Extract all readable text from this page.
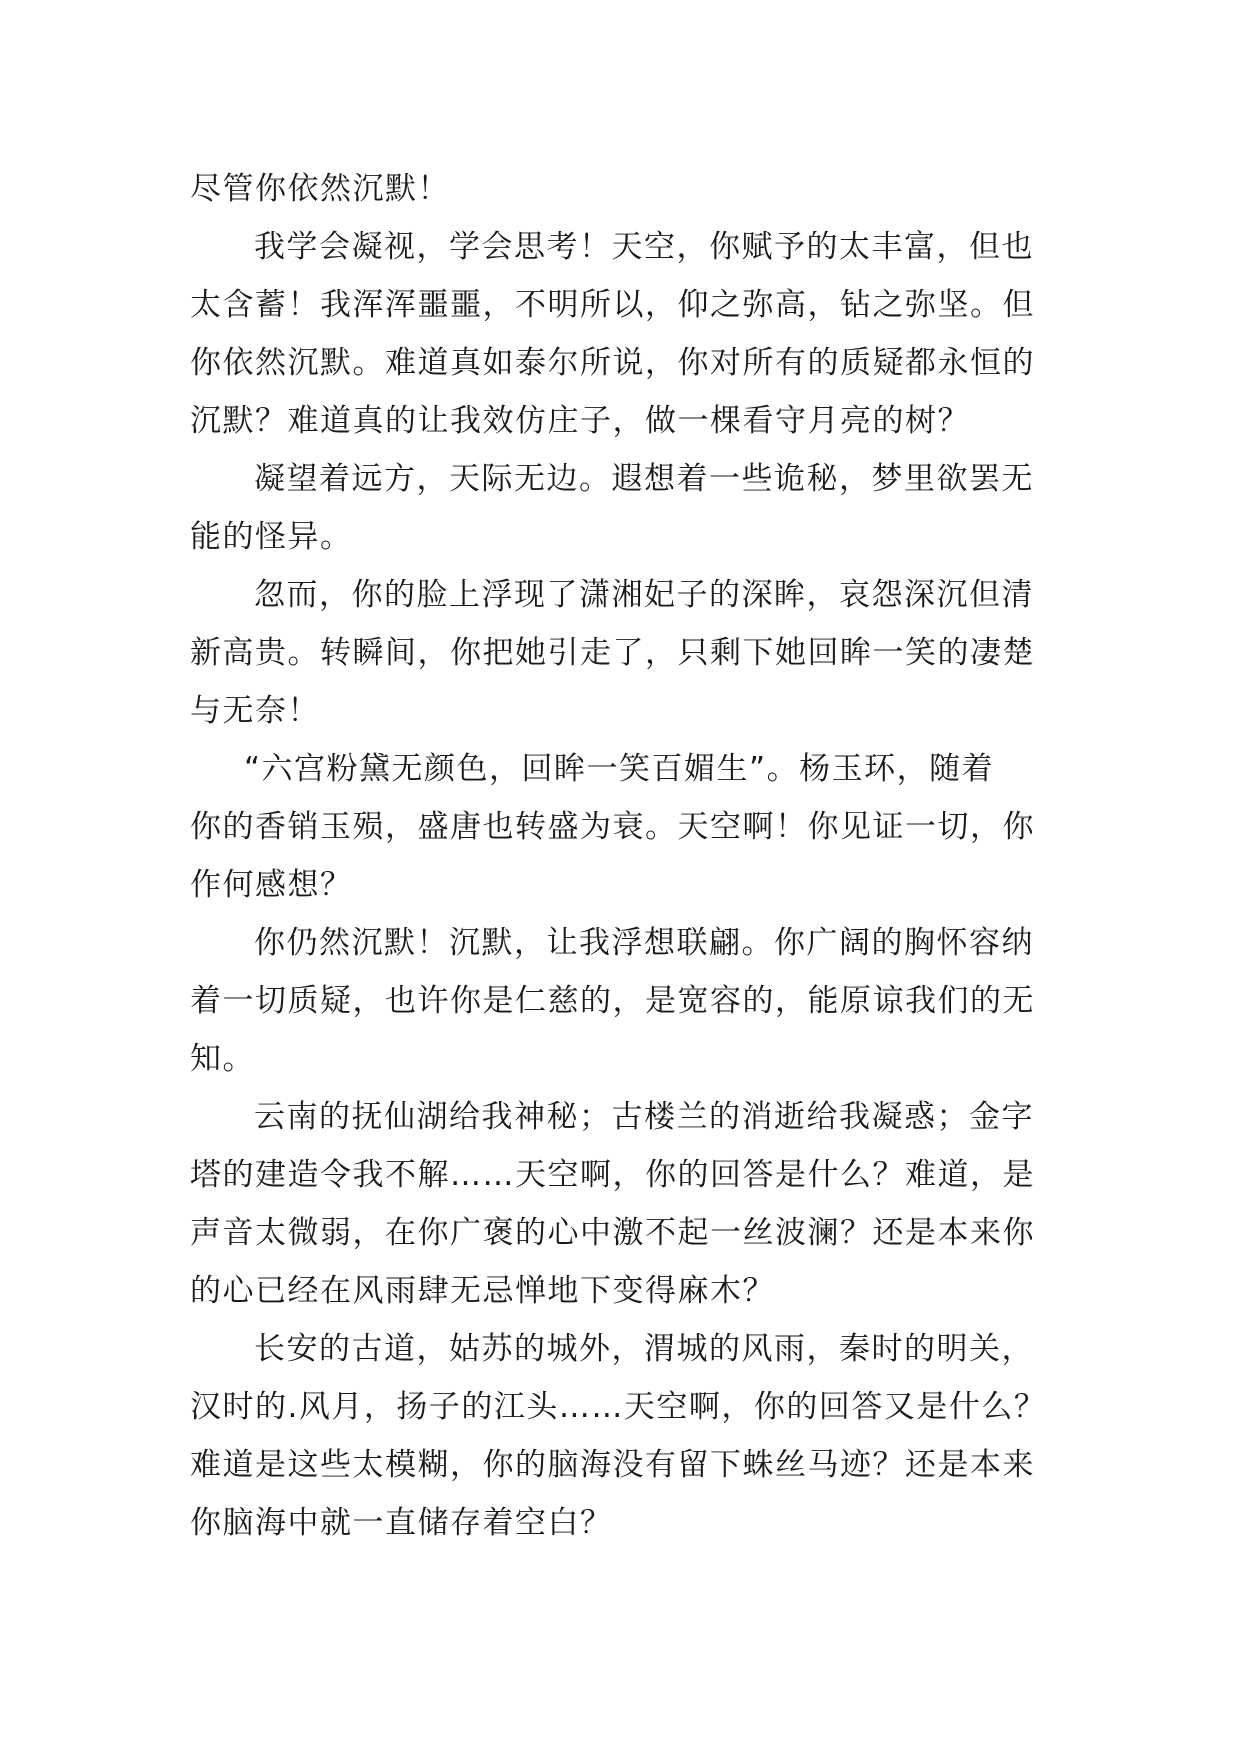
尽管你依然沉默！
我学会凝视，学会思考！天空，你赋予的太丰富，但也
太含蓄！我浑浑噩噩，不明所以，仰之弥高，钻之弥坚。但
你依然沉默。难道真如泰尔所说，你对所有的质疑都永恒的
沉默？难道真的让我效仿庄子，做一棵看守月亮的树？
凝望着远方，天际无边。遐想着一些诡秘，梦里欲罢无
能的怪异。
忽而，你的脸上浮现了潇湘妃子的深眸，哀怨深沉但清
新高贵。转瞬间，你把她引走了，只剩下她回眸一笑的凄楚
与无奈！
“六宫粉黛无颜色，回眸一笑百媚生”。杨玉环，随着
你的香销玉殒，盛唐也转盛为衰。天空啊！你见证一切，你
作何感想？
你仍然沉默！沉默，让我浮想联翩。你广阔的胸怀容纳
着一切质疑，也许你是仁慈的，是宽容的，能原谅我们的无
知。
云南的抚仙湖给我神秘；古楼兰的消逝给我凝惑；金字
塔的建造令我不解……天空啊，你的回答是什么？难道，是
声音太微弱，在你广褒的心中激不起一丝波澜？还是本来你
的心已经在风雨肆无忌惮地下变得麻木？
长安的古道，姑苏的城外，渭城的风雨，秦时的明关，
汉时的.风月，扬子的江头……天空啊，你的回答又是什么？
难道是这些太模糊，你的脑海没有留下蛛丝马迹？还是本来
你脑海中就一直储存着空白？
